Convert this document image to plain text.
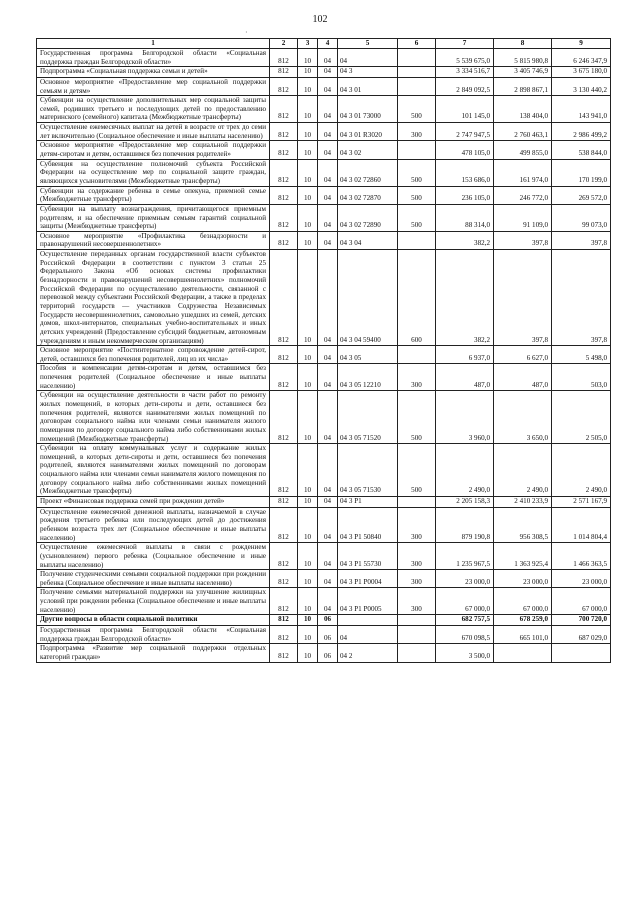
102
·
1	2	3	4	5	6	7	8	9
Государственная программа Белгородской области «Социальная поддержка граждан Белгородской области»	812	10	04	04		5 539 675,0	5 815 980,8	6 246 347,9
Подпрограмма «Социальная поддержка семьи и детей»	812	10	04	04 3		3 334 516,7	3 405 746,9	3 675 180,0
Основное мероприятие «Предоставление мер социальной поддержки семьям и детям»	812	10	04	04 3 01		2 849 092,5	2 898 867,1	3 130 440,2
Субвенции на осуществление дополнительных мер социальной защиты семей, родивших третьего и последующих детей по предоставлению материнского (семейного) капитала (Межбюджетные трансферты)	812	10	04	04 3 01 73000	500	101 145,0	138 404,0	143 941,0
Осуществление ежемесячных выплат на детей в возрасте от трех до семи лет включительно (Социальное обеспечение и иные выплаты населению)	812	10	04	04 3 01 R3020	300	2 747 947,5	2 760 463,1	2 986 499,2
Основное мероприятие «Предоставление мер социальной поддержки детям-сиротам и детям, оставшимся без попечения родителей»	812	10	04	04 3 02		478 105,0	499 855,0	538 844,0
Субвенция на осуществление полномочий субъекта Российской Федерации на осуществление мер по социальной защите граждан, являющихся усыновителями (Межбюджетные трансферты)	812	10	04	04 3 02 72860	500	153 686,0	161 974,0	170 199,0
Субвенции на содержание ребенка в семье опекуна, приемной семье (Межбюджетные трансферты)	812	10	04	04 3 02 72870	500	236 105,0	246 772,0	269 572,0
Субвенции на выплату вознаграждения, причитающегося приемным родителям, и на обеспечение приемным семьям гарантий социальной защиты (Межбюджетные трансферты)	812	10	04	04 3 02 72890	500	88 314,0	91 109,0	99 073,0
Основное мероприятие «Профилактика безнадзорности и правонарушений несовершеннолетних»	812	10	04	04 3 04		382,2	397,8	397,8
Осуществление переданных органам государственной власти субъектов Российской Федерации в соответствии с пунктом 3 статьи 25 Федерального Закона «Об основах системы профилактики безнадзорности и правонарушений несовершеннолетних» полномочий Российской Федерации по осуществлению деятельности, связанной с перевозкой между субъектами Российской Федерации, а также в пределах территорий государств — участников Содружества Независимых Государств несовершеннолетних, самовольно ушедших из семей, детских домов, школ-интернатов, специальных учебно-воспитательных и иных детских учреждений (Предоставление субсидий бюджетным, автономным учреждениям и иным некоммерческим организациям)	812	10	04	04 3 04 59400	600	382,2	397,8	397,8
Основное мероприятие «Постинтернатное сопровождение детей-сирот, детей, оставшихся без попечения родителей, лиц из их числа»	812	10	04	04 3 05		6 937,0	6 627,0	5 498,0
Пособия и компенсации детям-сиротам и детям, оставшимся без попечения родителей (Социальное обеспечение и иные выплаты населению)	812	10	04	04 3 05 12210	300	487,0	487,0	503,0
Субвенции на осуществление деятельности в части работ по ремонту жилых помещений, в которых дети-сироты и дети, оставшиеся без попечения родителей, являются нанимателями жилых помещений по договорам социального найма или членами семьи нанимателя жилого помещения по договору социального найма либо собственниками жилых помещений (Межбюджетные трансферты)	812	10	04	04 3 05 71520	500	3 960,0	3 650,0	2 505,0
Субвенции на оплату коммунальных услуг и содержание жилых помещений, в которых дети-сироты и дети, оставшиеся без попечения родителей, являются нанимателями жилых помещений по договорам социального найма или членами семьи нанимателя жилого помещения по договору социального найма либо собственниками жилых помещений (Межбюджетные трансферты)	812	10	04	04 3 05 71530	500	2 490,0	2 490,0	2 490,0
Проект «Финансовая поддержка семей при рождении детей»	812	10	04	04 3 P1		2 205 158,3	2 410 233,9	2 571 167,9
Осуществление ежемесячной денежной выплаты, назначаемой в случае рождения третьего ребенка или последующих детей до достижения ребенком возраста трех лет (Социальное обеспечение и иные выплаты населению)	812	10	04	04 3 P1 50840	300	879 190,8	956 308,5	1 014 804,4
Осуществление ежемесячной выплаты в связи с рождением (усыновлением) первого ребенка (Социальное обеспечение и иные выплаты населению)	812	10	04	04 3 P1 55730	300	1 235 967,5	1 363 925,4	1 466 363,5
Получение студенческими семьями социальной поддержки при рождении ребенка (Социальное обеспечение и иные выплаты населению)	812	10	04	04 3 P1 P0004	300	23 000,0	23 000,0	23 000,0
Получение семьями материальной поддержки на улучшение жилищных условий при рождении ребенка (Социальное обеспечение и иные выплаты населению)	812	10	04	04 3 P1 P0005	300	67 000,0	67 000,0	67 000,0
Другие вопросы в области социальной политики	812	10	06			682 757,5	678 259,0	700 720,0
Государственная программа Белгородской области «Социальная поддержка граждан Белгородской области»	812	10	06	04		670 098,5	665 101,0	687 029,0
Подпрограмма «Развитие мер социальной поддержки отдельных категорий граждан»	812	10	06	04 2		3 500,0		
